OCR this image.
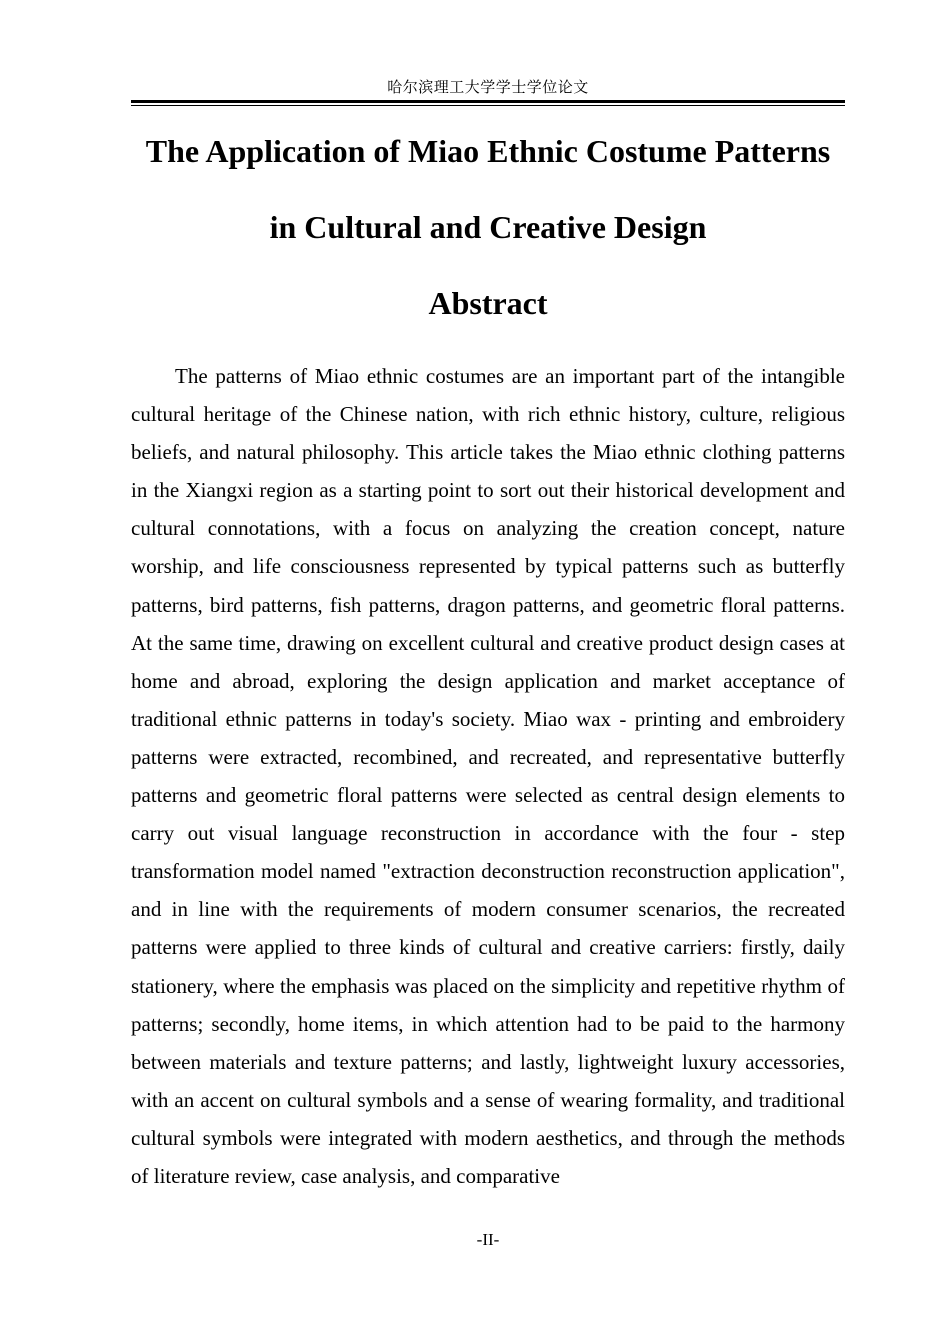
哈尔滨理工大学学士学位论文
The Application of Miao Ethnic Costume Patterns
in Cultural and Creative Design
Abstract

The patterns of Miao ethnic costumes are an important part of the intangible cultural heritage of the Chinese nation, with rich ethnic history, culture, religious beliefs, and natural philosophy. This article takes the Miao ethnic clothing patterns in the Xiangxi region as a starting point to sort out their historical development and cultural connotations, with a focus on analyzing the creation concept, nature worship, and life consciousness represented by typical patterns such as butterfly patterns, bird patterns, fish patterns, dragon patterns, and geometric floral patterns. At the same time, drawing on excellent cultural and creative product design cases at home and abroad, exploring the design application and market acceptance of traditional ethnic patterns in today's society. Miao wax - printing and embroidery patterns were extracted, recombined, and recreated, and representative butterfly patterns and geometric floral patterns were selected as central design elements to carry out visual language reconstruction in accordance with the four - step transformation model named "extraction deconstruction reconstruction application", and in line with the requirements of modern consumer scenarios, the recreated patterns were applied to three kinds of cultural and creative carriers: firstly, daily stationery, where the emphasis was placed on the simplicity and repetitive rhythm of patterns; secondly, home items, in which attention had to be paid to the harmony between materials and texture patterns; and lastly, lightweight luxury accessories, with an accent on cultural symbols and a sense of wearing formality, and traditional cultural symbols were integrated with modern aesthetics, and through the methods of literature review, case analysis, and comparative

-II-
